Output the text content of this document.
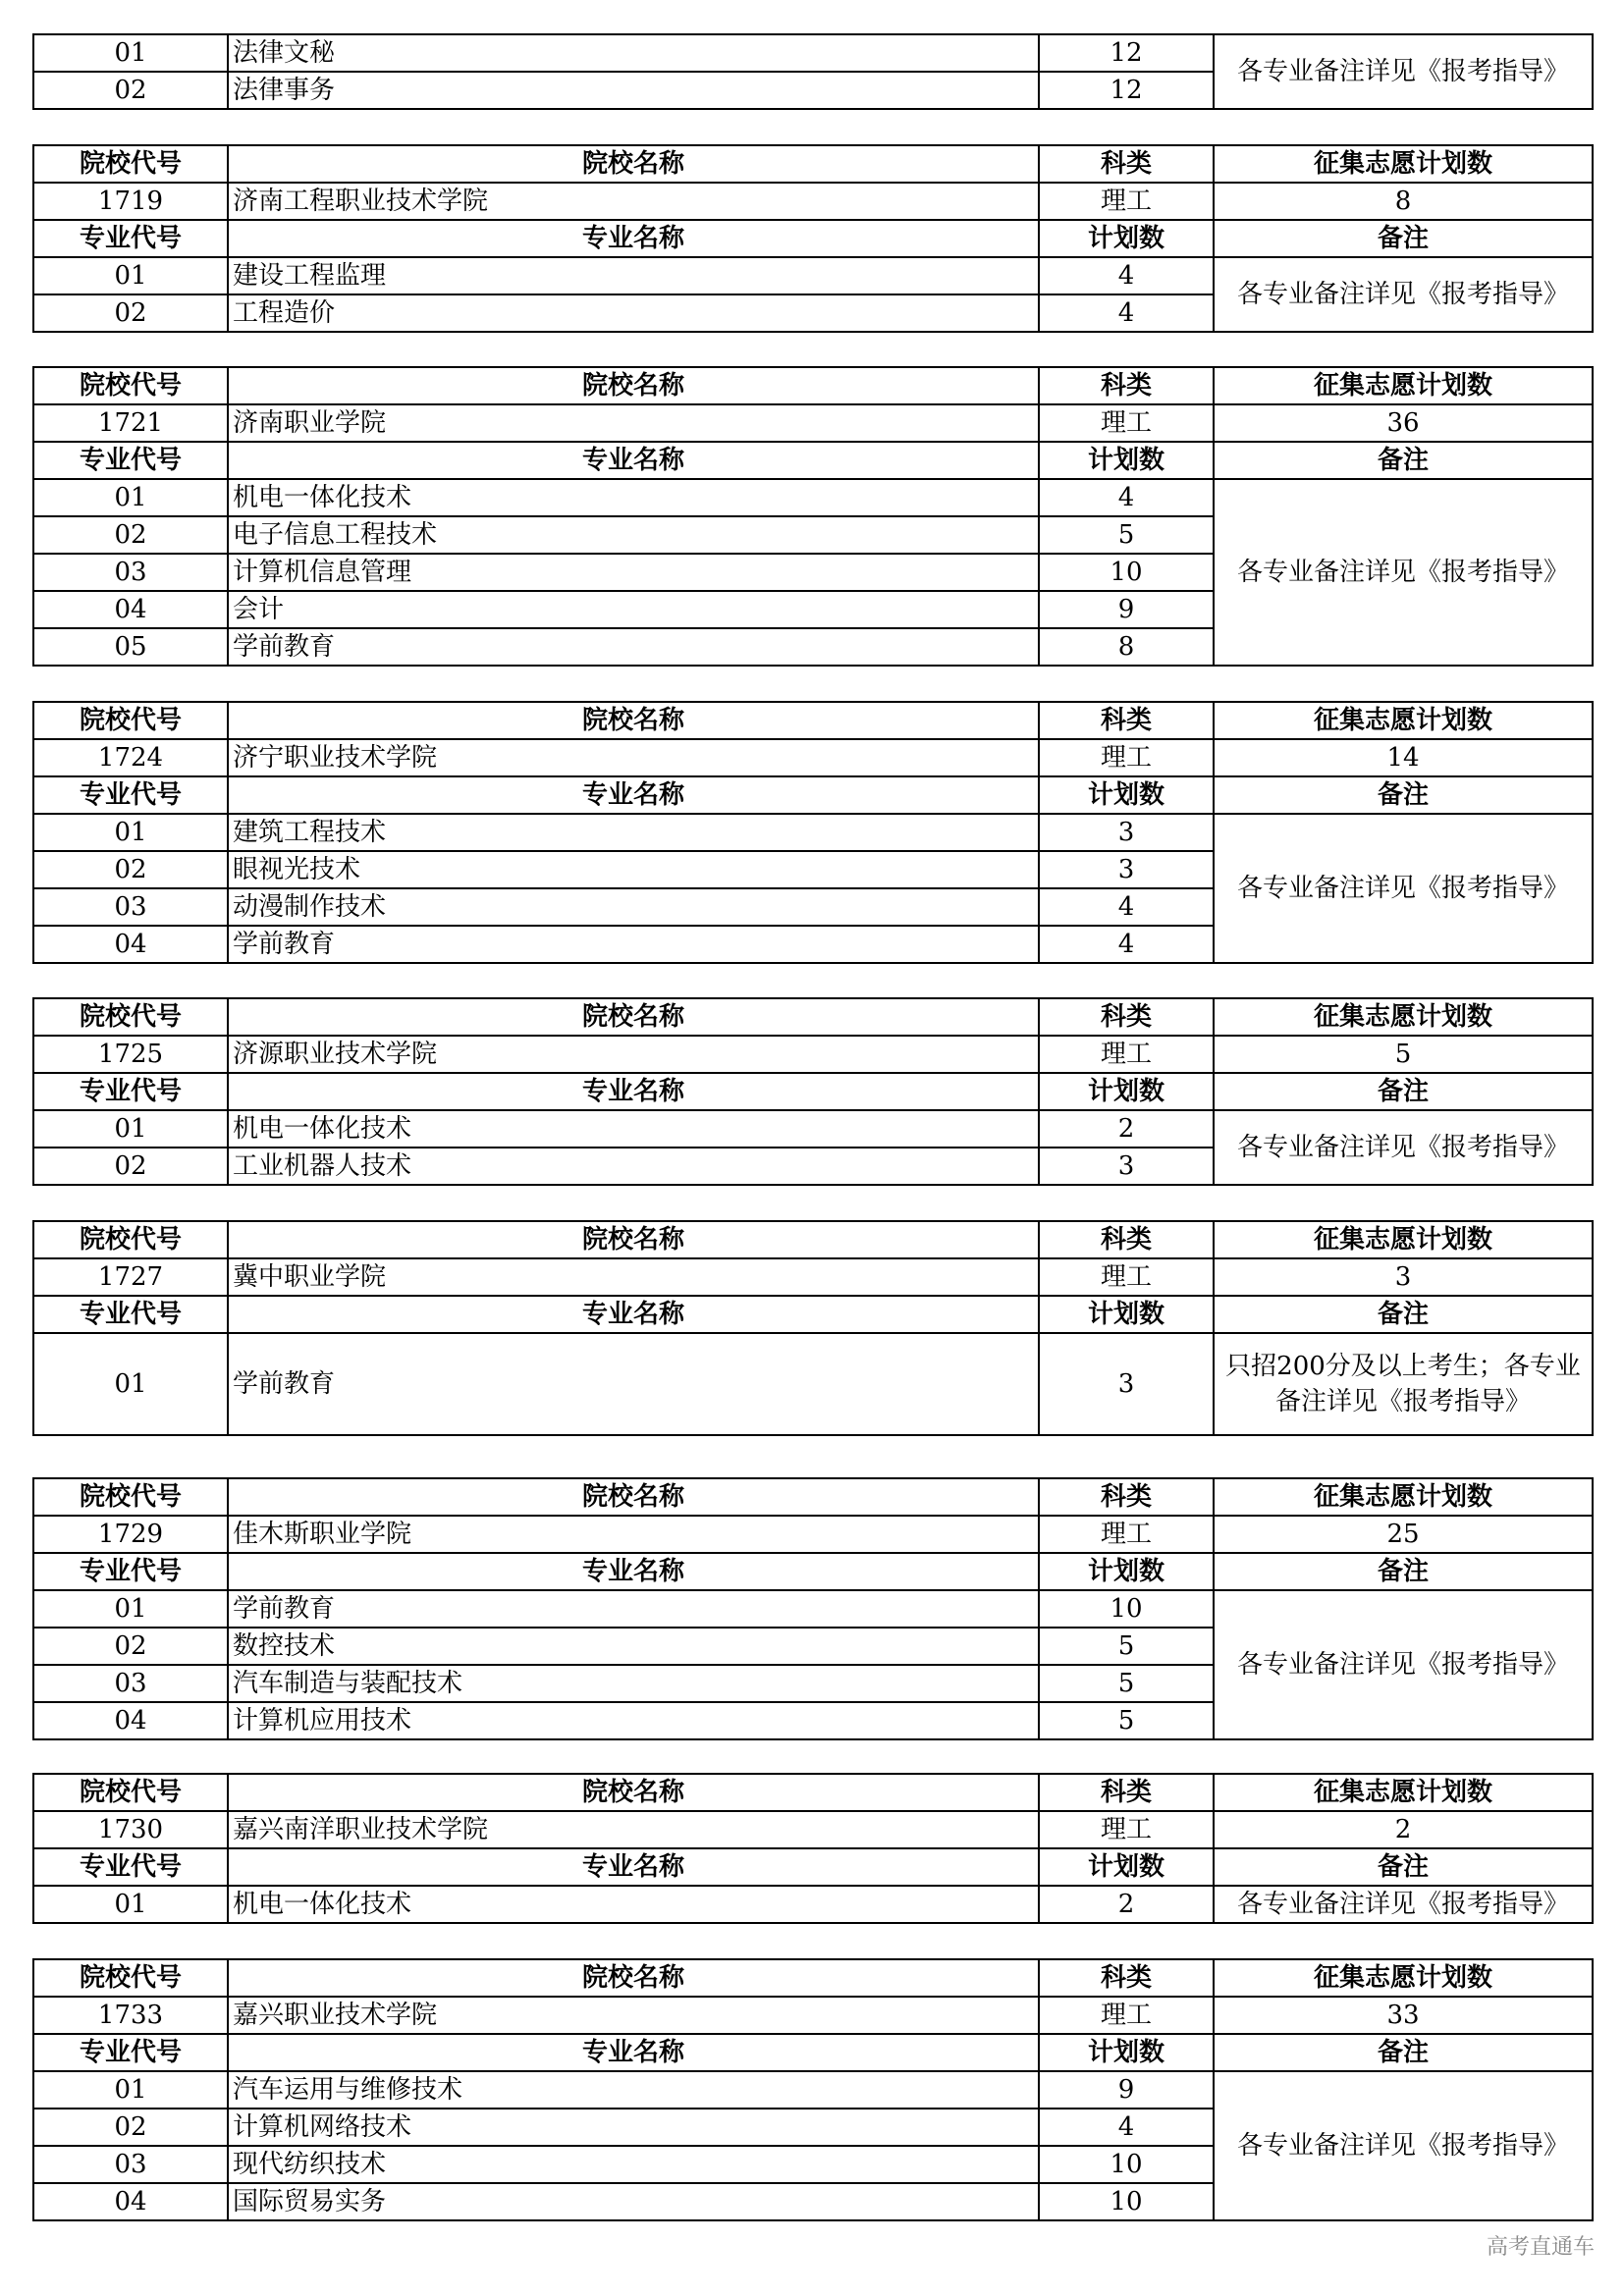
01	法律文秘	12	各专业备注详见《报考指导》
02	法律事务	12	
院校代号	院校名称	科类	征集志愿计划数
1719	济南工程职业技术学院	理工	8
专业代号	专业名称	计划数	备注
01	建设工程监理	4	各专业备注详见《报考指导》
02	工程造价	4	
院校代号	院校名称	科类	征集志愿计划数
1721	济南职业学院	理工	36
专业代号	专业名称	计划数	备注
01	机电一体化技术	4	各专业备注详见《报考指导》
02	电子信息工程技术	5	
03	计算机信息管理	10	
04	会计	9	
05	学前教育	8	
院校代号	院校名称	科类	征集志愿计划数
1724	济宁职业技术学院	理工	14
专业代号	专业名称	计划数	备注
01	建筑工程技术	3	各专业备注详见《报考指导》
02	眼视光技术	3	
03	动漫制作技术	4	
04	学前教育	4	
院校代号	院校名称	科类	征集志愿计划数
1725	济源职业技术学院	理工	5
专业代号	专业名称	计划数	备注
01	机电一体化技术	2	各专业备注详见《报考指导》
02	工业机器人技术	3	
院校代号	院校名称	科类	征集志愿计划数
1727	冀中职业学院	理工	3
专业代号	专业名称	计划数	备注
01	学前教育	3	只招200分及以上考生；各专业
备注详见《报考指导》
院校代号	院校名称	科类	征集志愿计划数
1729	佳木斯职业学院	理工	25
专业代号	专业名称	计划数	备注
01	学前教育	10	各专业备注详见《报考指导》
02	数控技术	5	
03	汽车制造与装配技术	5	
04	计算机应用技术	5	
院校代号	院校名称	科类	征集志愿计划数
1730	嘉兴南洋职业技术学院	理工	2
专业代号	专业名称	计划数	备注
01	机电一体化技术	2	各专业备注详见《报考指导》
院校代号	院校名称	科类	征集志愿计划数
1733	嘉兴职业技术学院	理工	33
专业代号	专业名称	计划数	备注
01	汽车运用与维修技术	9	各专业备注详见《报考指导》
02	计算机网络技术	4	
03	现代纺织技术	10	
04	国际贸易实务	10	
高考直通车
